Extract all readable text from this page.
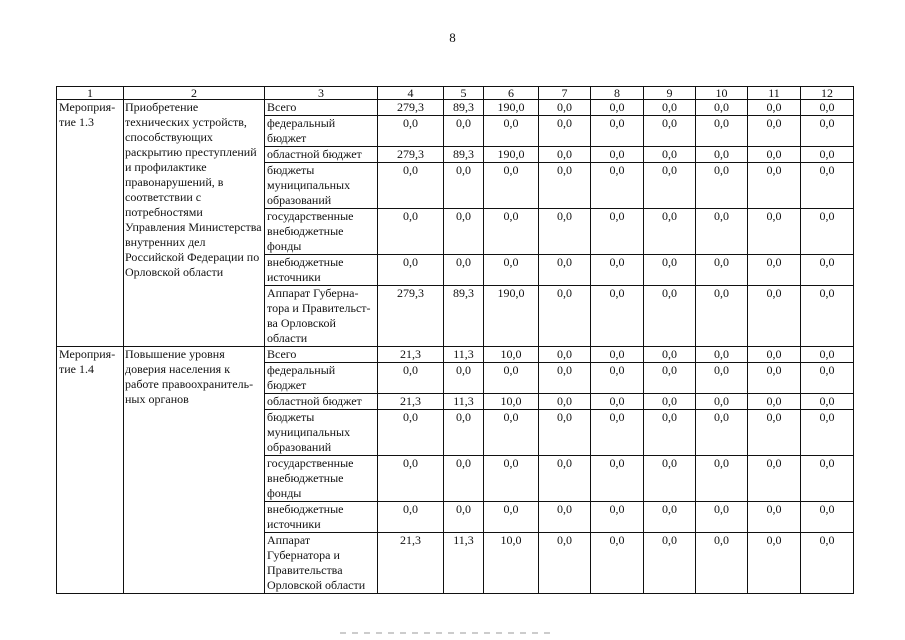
8
1	2	3	4	5	6	7	8	9	10	11	12
Мероприя-тие 1.3	Приобретение технических устройств, способствующих раскрытию преступлений и профилактике правонарушений, в соответствии с потребностями Управления Министерства внутренних дел Российской Федерации по Орловской области	Всего	279,3	89,3	190,0	0,0	0,0	0,0	0,0	0,0	0,0
		федеральный бюджет	0,0	0,0	0,0	0,0	0,0	0,0	0,0	0,0	0,0
		областной бюджет	279,3	89,3	190,0	0,0	0,0	0,0	0,0	0,0	0,0
		бюджеты муниципальных образований	0,0	0,0	0,0	0,0	0,0	0,0	0,0	0,0	0,0
		государственные внебюджетные фонды	0,0	0,0	0,0	0,0	0,0	0,0	0,0	0,0	0,0
		внебюджетные источники	0,0	0,0	0,0	0,0	0,0	0,0	0,0	0,0	0,0
		Аппарат Губерна-тора и Правительст-ва Орловской области	279,3	89,3	190,0	0,0	0,0	0,0	0,0	0,0	0,0
Мероприя-тие 1.4	Повышение уровня доверия населения к работе правоохранитель-ных органов	Всего	21,3	11,3	10,0	0,0	0,0	0,0	0,0	0,0	0,0
		федеральный бюджет	0,0	0,0	0,0	0,0	0,0	0,0	0,0	0,0	0,0
		областной бюджет	21,3	11,3	10,0	0,0	0,0	0,0	0,0	0,0	0,0
		бюджеты муниципальных образований	0,0	0,0	0,0	0,0	0,0	0,0	0,0	0,0	0,0
		государственные внебюджетные фонды	0,0	0,0	0,0	0,0	0,0	0,0	0,0	0,0	0,0
		внебюджетные источники	0,0	0,0	0,0	0,0	0,0	0,0	0,0	0,0	0,0
		Аппарат Губернатора и Правительства Орловской области	21,3	11,3	10,0	0,0	0,0	0,0	0,0	0,0	0,0
